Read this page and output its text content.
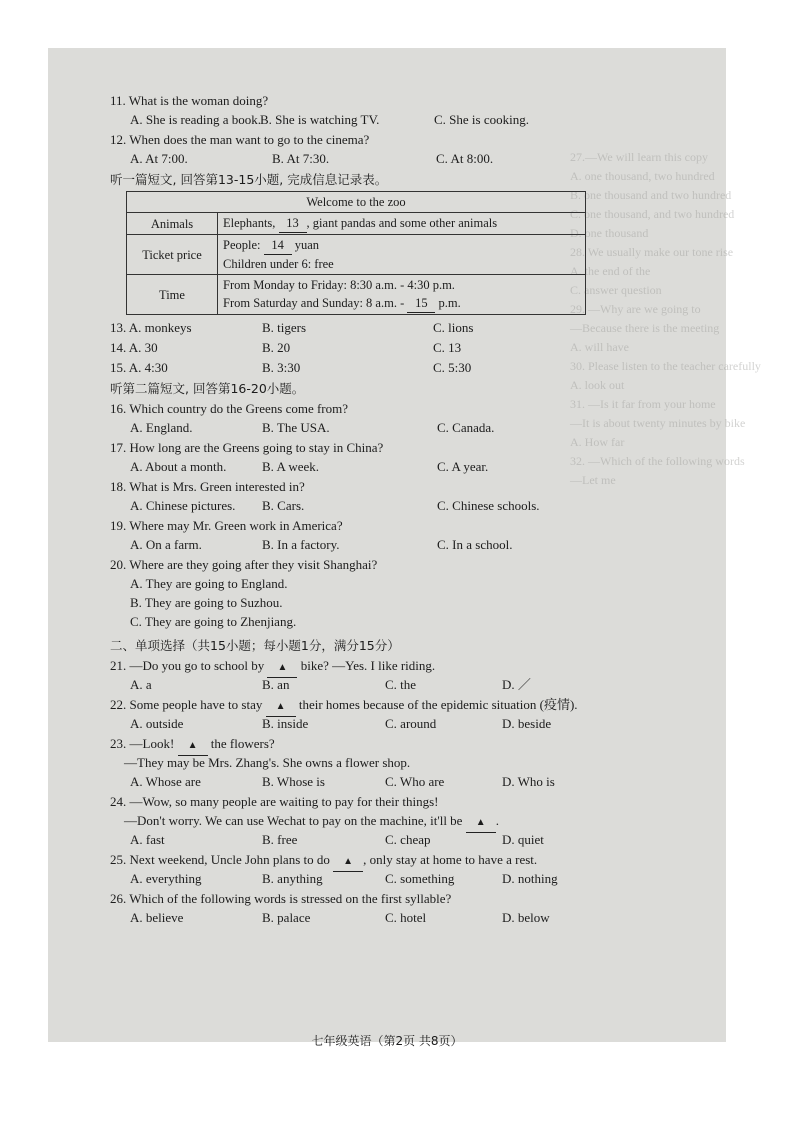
27.—We will learn this copy
A. one thousand, two hundred
B. one thousand and two hundred
C. one thousand, and two hundred
D. one thousand
28. We usually make our tone rise
A. the end of the
C. answer question
29. —Why are we going to
—Because there is the meeting
A. will have
30. Please listen to the teacher carefully
A. look out
31. —Is it far from your home
—It is about twenty minutes by bike
A. How far
32. —Which of the following words
—Let me
11. What is the woman doing?
A. She is reading a book.
B. She is watching TV.	C. She is cooking.
12. When does the man want to go to the cinema?
A. At 7:00.	B. At 7:30.	C. At 8:00.
听一篇短文, 回答第13-15小题, 完成信息记录表。
Welcome to the zoo	
Animals	Elephants, 13 , giant pandas and some other animals
Ticket price	People: 14 yuan
Children under 6: free

Time	From Monday to Friday: 8:30 a.m. - 4:30 p.m.
From Saturday and Sunday: 8 a.m. - 15 p.m.
13. A. monkeys	B. tigers	C. lions
14. A. 30	B. 20	C. 13
15. A. 4:30	B. 3:30	C. 5:30
听第二篇短文, 回答第16-20小题。
16. Which country do the Greens come from?
A. England.	B. The USA.	C. Canada.
17. How long are the Greens going to stay in China?
A. About a month.	B. A week.	C. A year.
18. What is Mrs. Green interested in?
A. Chinese pictures. B. Cars.	C. Chinese schools.
19. Where may Mr. Green work in America?
A. On a farm.	B. In a factory.	C. In a school.
20. Where are they going after they visit Shanghai?
A. They are going to England.
B. They are going to Suzhou.
C. They are going to Zhenjiang.
二、单项选择（共15小题；每小题1分，满分15分）
21. —Do you go to school by ▲ bike? —Yes. I like riding.
A. a	B. an	C. the	D. ／
22. Some people have to stay ▲ their homes because of the epidemic situation (疫情).
A. outside	B. inside	C. around	D. beside
23. —Look! ▲ the flowers?
—They may be Mrs. Zhang's. She owns a flower shop.
A. Whose are	B. Whose is	C. Who are	D. Who is
24. —Wow, so many people are waiting to pay for their things!
—Don't worry. We can use Wechat to pay on the machine, it'll be ▲ .
A. fast	B. free	C. cheap	D. quiet
25. Next weekend, Uncle John plans to do ▲ , only stay at home to have a rest.
A. everything	B. anything	C. something	D. nothing
26. Which of the following words is stressed on the first syllable?
A. believe	B. palace	C. hotel	D. below
七年级英语（第2页 共8页）
